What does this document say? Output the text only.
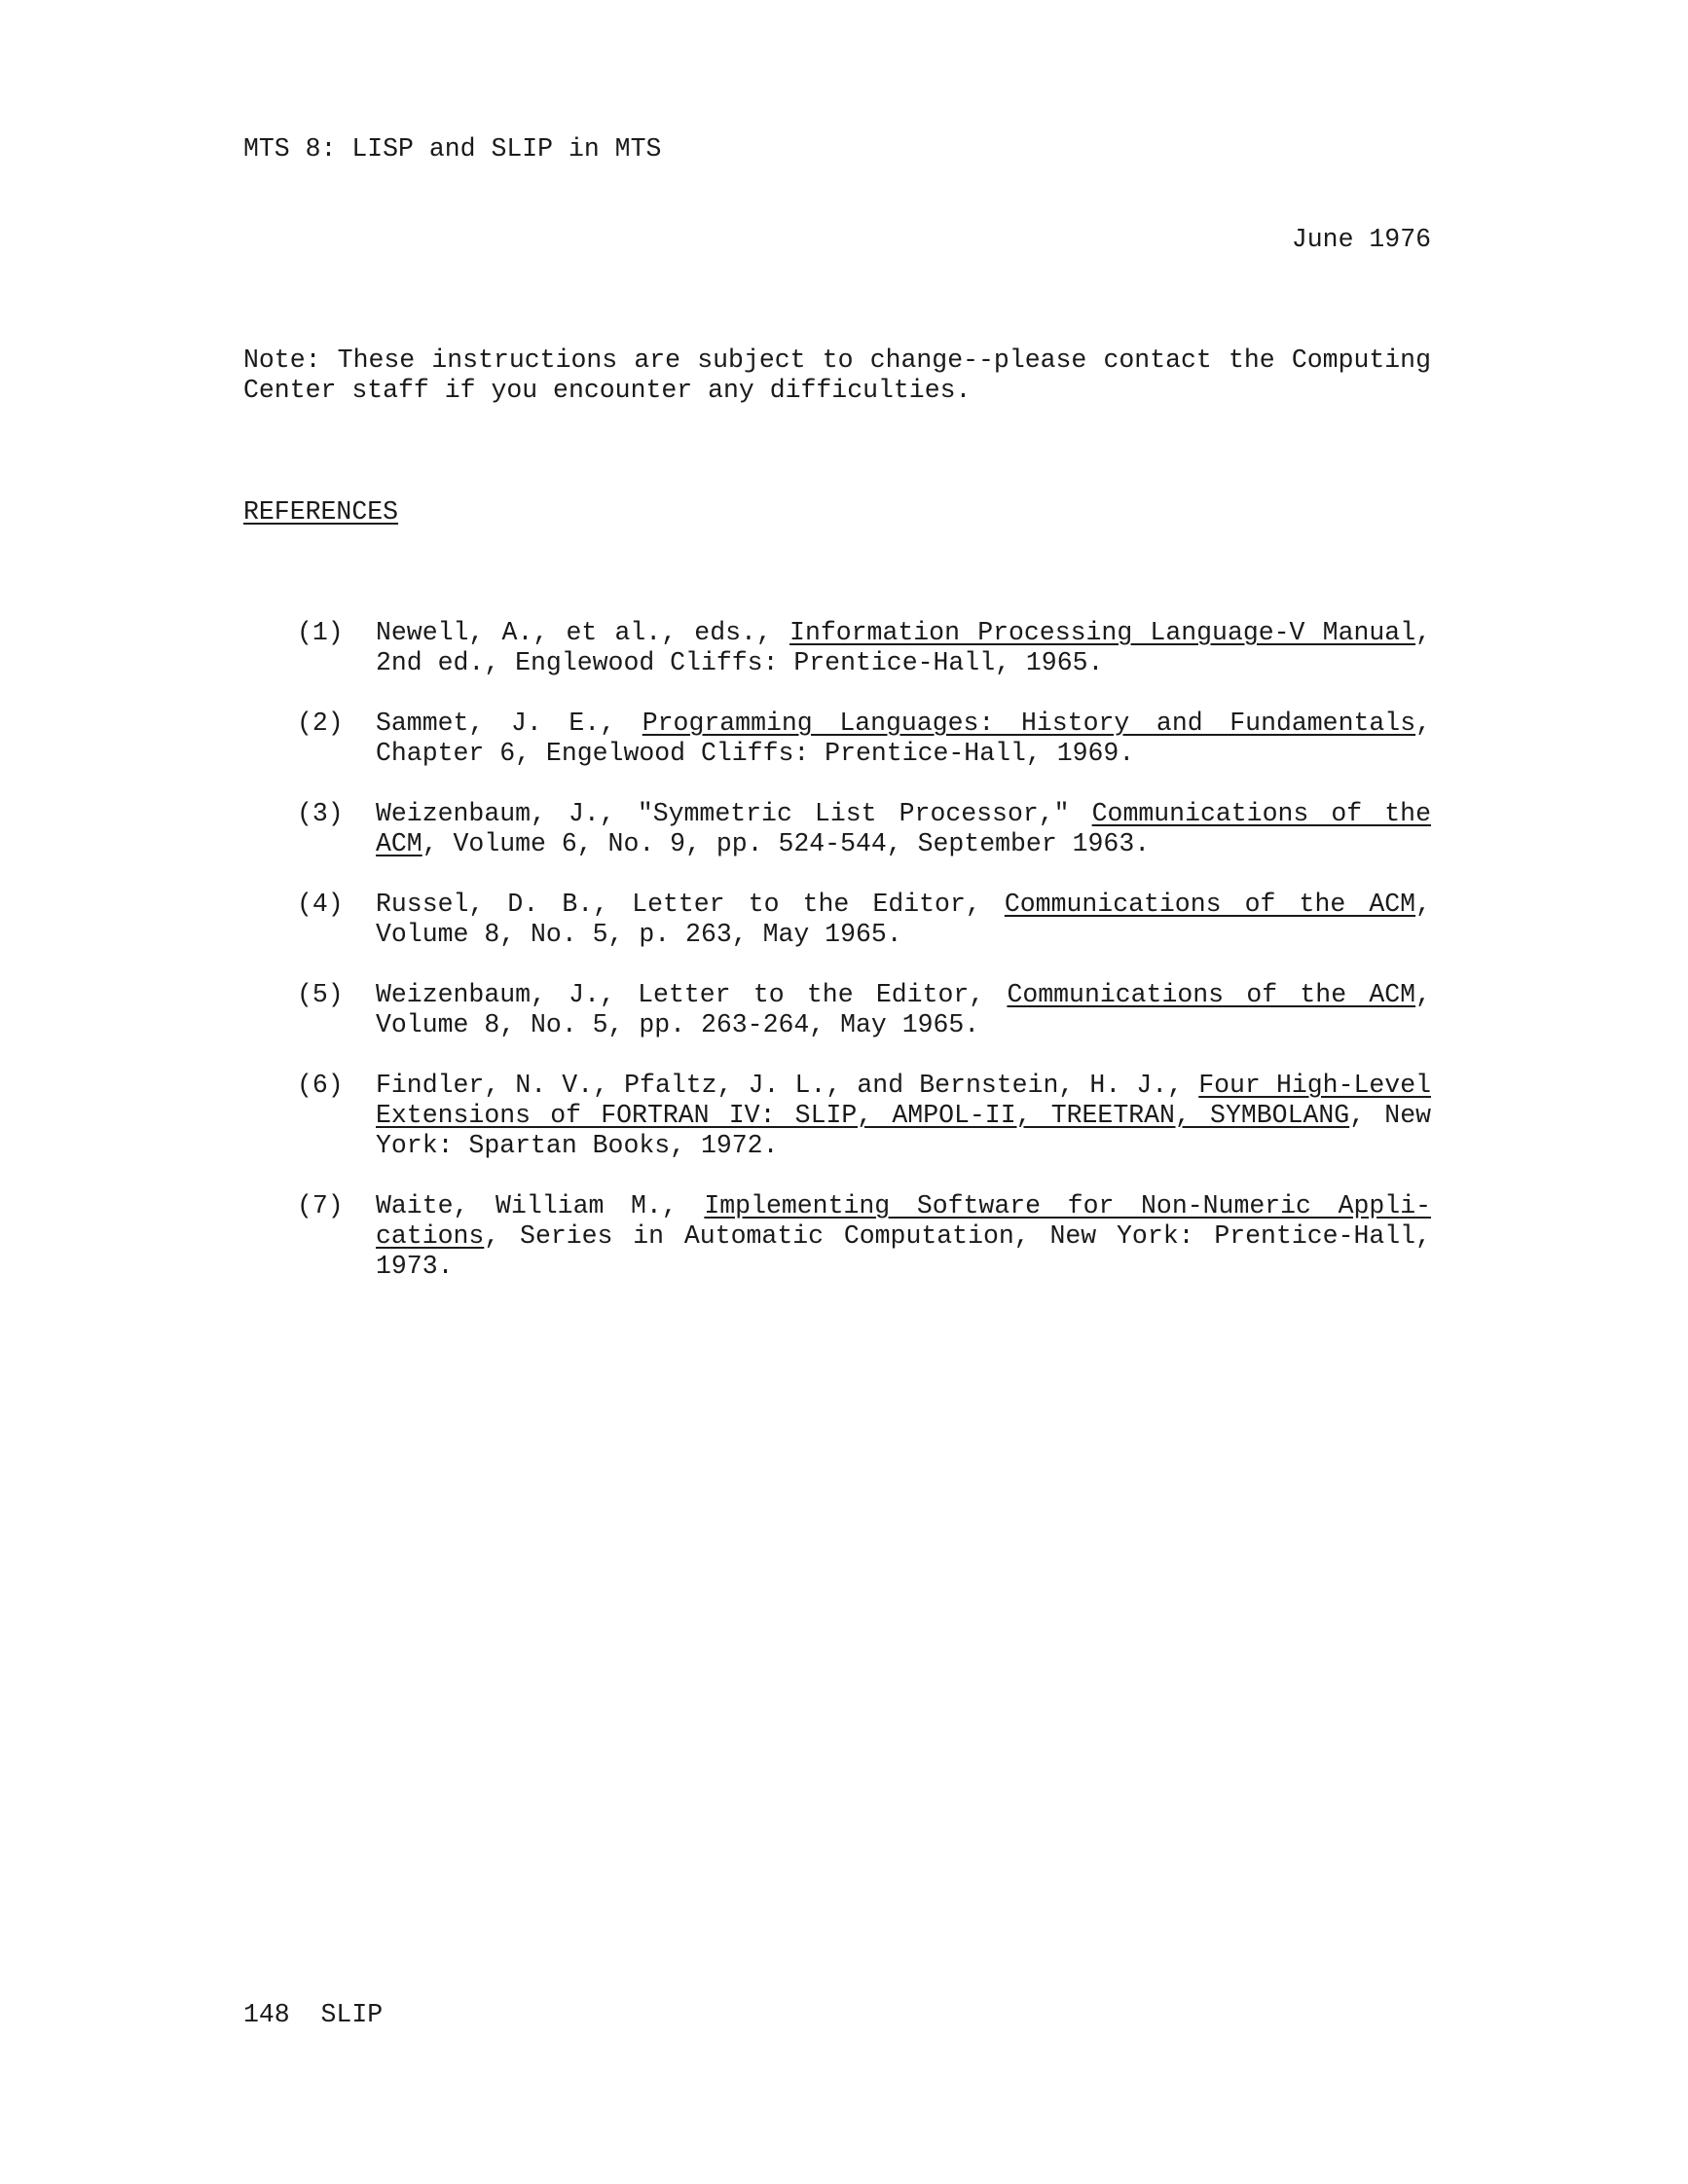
MTS 8: LISP and SLIP in MTS
June 1976
Note: These instructions are subject to change--please contact the Computing Center staff if you encounter any difficulties.
REFERENCES
(1) Newell, A., et al., eds., Information Processing Language-V Manual, 2nd ed., Englewood Cliffs: Prentice-Hall, 1965.
(2) Sammet, J. E., Programming Languages: History and Fundamentals, Chapter 6, Engelwood Cliffs: Prentice-Hall, 1969.
(3) Weizenbaum, J., "Symmetric List Processor," Communications of the ACM, Volume 6, No. 9, pp. 524-544, September 1963.
(4) Russel, D. B., Letter to the Editor, Communications of the ACM, Volume 8, No. 5, p. 263, May 1965.
(5) Weizenbaum, J., Letter to the Editor, Communications of the ACM, Volume 8, No. 5, pp. 263-264, May 1965.
(6) Findler, N. V., Pfaltz, J. L., and Bernstein, H. J., Four High-Level Extensions of FORTRAN IV: SLIP, AMPOL-II, TREETRAN, SYMBOLANG, New York: Spartan Books, 1972.
(7) Waite, William M., Implementing Software for Non-Numeric Appli-cations, Series in Automatic Computation, New York: Prentice-Hall, 1973.
148  SLIP
